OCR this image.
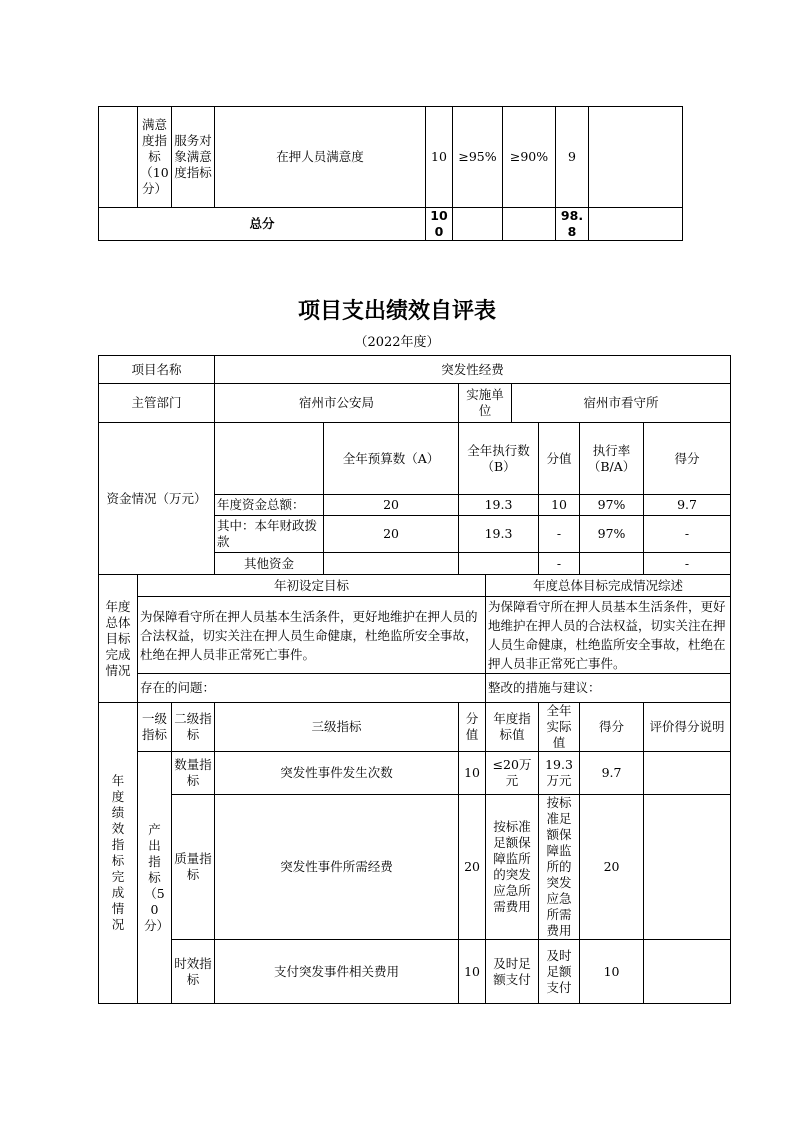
	满意度指标（10分）	服务对象满意度指标	在押人员满意度	10	≥95%	≥90%	9	
总分				100			98.8	
项目支出绩效自评表
（2022年度）
项目名称			突发性经费							
主管部门			宿州市公安局		实施单位		宿州市看守所			
资金情况（万元）				全年预算数（A）	全年执行数（B）			分值	执行率（B/A）	得分
			年度资金总额：	20	19.3			10	97%	9.7
			其中：本年财政拨款	20	19.3			-	97%	-
			其他资金					-		-
年度总体目标完成情况	年初设定目标					年度总体目标完成情况综述				
	为保障看守所在押人员基本生活条件，更好地维护在押人员的合法权益，切实关注在押人员生命健康，杜绝监所安全事故，杜绝在押人员非正常死亡事件。					为保障看守所在押人员基本生活条件，更好地维护在押人员的合法权益，切实关注在押人员生命健康，杜绝监所安全事故，杜绝在押人员非正常死亡事件。				
	存在的问题：					整改的措施与建议：				
年度绩效指标完成情况	一级指标	二级指标	三级指标		分值	年度指标值		全年实际值	得分	评价得分说明
	产出指标（50分）	数量指标	突发性事件发生次数		10	≤20万元		19.3万元	9.7	
		质量指标	突发性事件所需经费		20	按标准足额保障监所的突发应急所需费用		按标准足额保障监所的突发应急所需费用	20	
		时效指标	支付突发事件相关费用		10	及时足额支付		及时足额支付	10	
